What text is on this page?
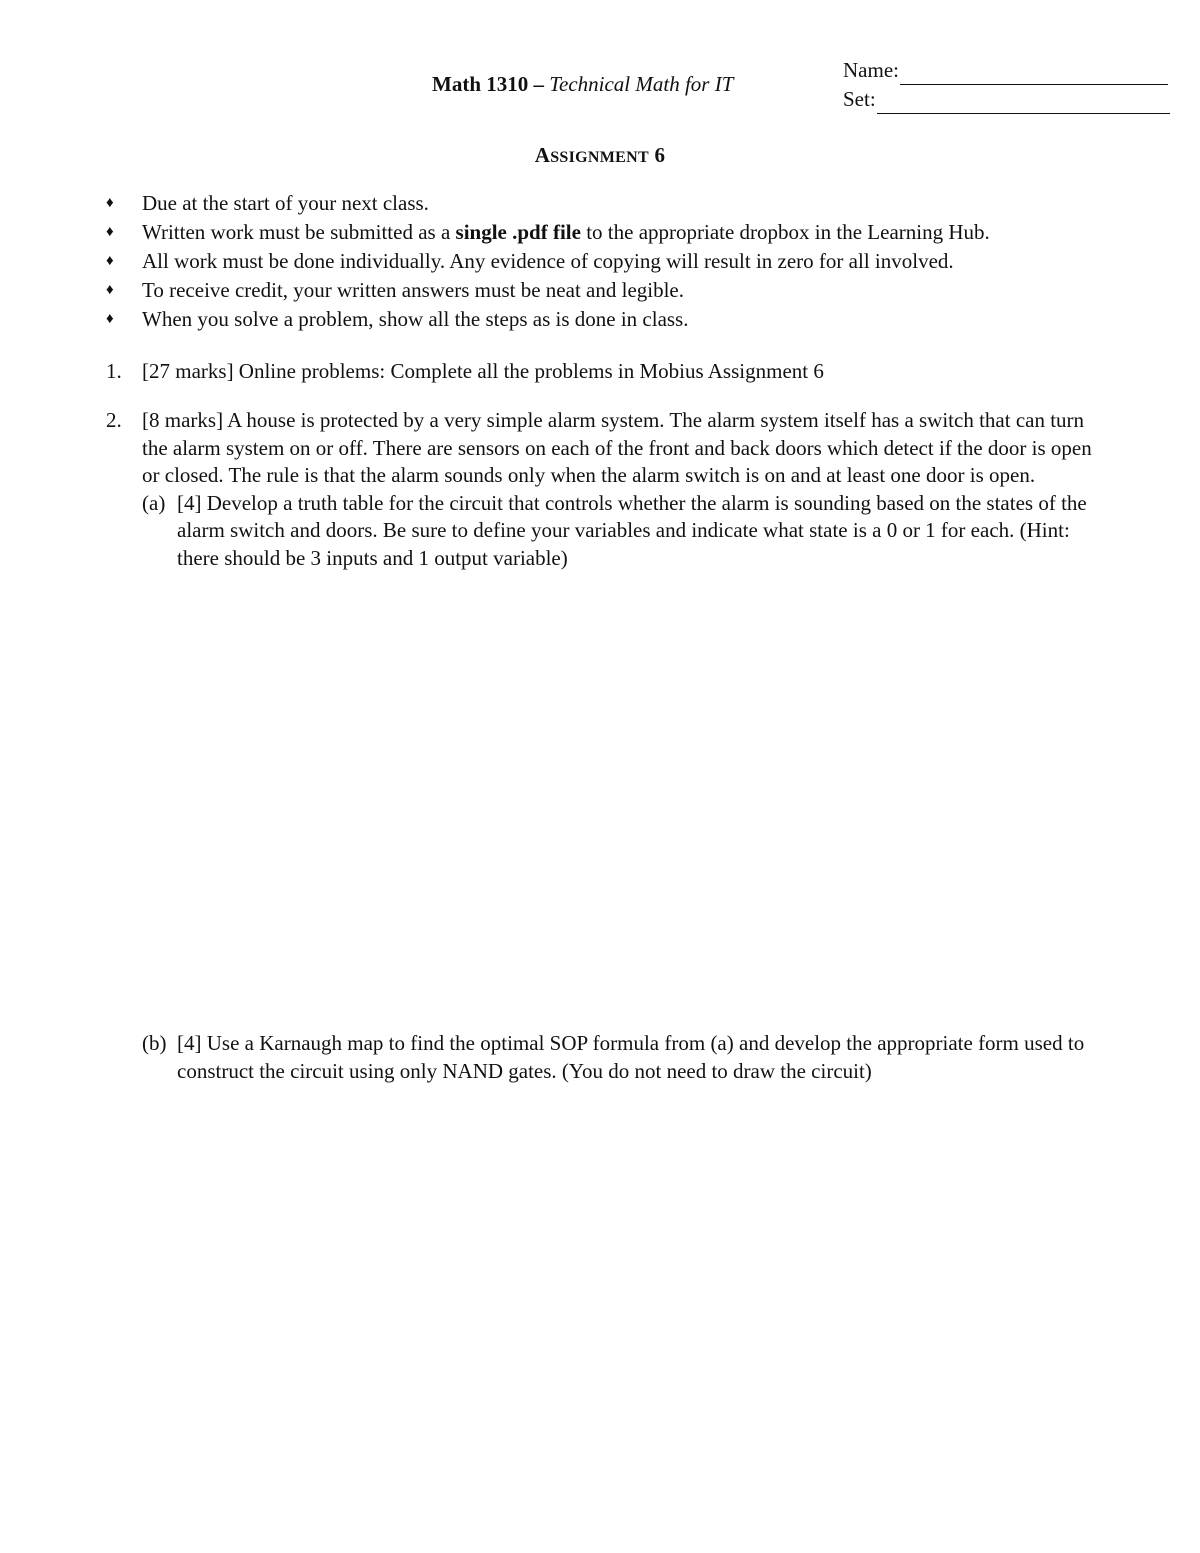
Math 1310 – Technical Math for IT
Name:
Set:
ASSIGNMENT 6
♦	Due at the start of your next class.
♦	Written work must be submitted as a single .pdf file to the appropriate dropbox in the Learning Hub.
♦	All work must be done individually. Any evidence of copying will result in zero for all involved.
♦	To receive credit, your written answers must be neat and legible.
♦	When you solve a problem, show all the steps as is done in class.
1. [27 marks] Online problems: Complete all the problems in Mobius Assignment 6
2. [8 marks] A house is protected by a very simple alarm system. The alarm system itself has a switch that can turn the alarm system on or off. There are sensors on each of the front and back doors which detect if the door is open or closed. The rule is that the alarm sounds only when the alarm switch is on and at least one door is open.
(a) [4] Develop a truth table for the circuit that controls whether the alarm is sounding based on the states of the alarm switch and doors. Be sure to define your variables and indicate what state is a 0 or 1 for each. (Hint: there should be 3 inputs and 1 output variable)
(b) [4] Use a Karnaugh map to find the optimal SOP formula from (a) and develop the appropriate form used to construct the circuit using only NAND gates. (You do not need to draw the circuit)
